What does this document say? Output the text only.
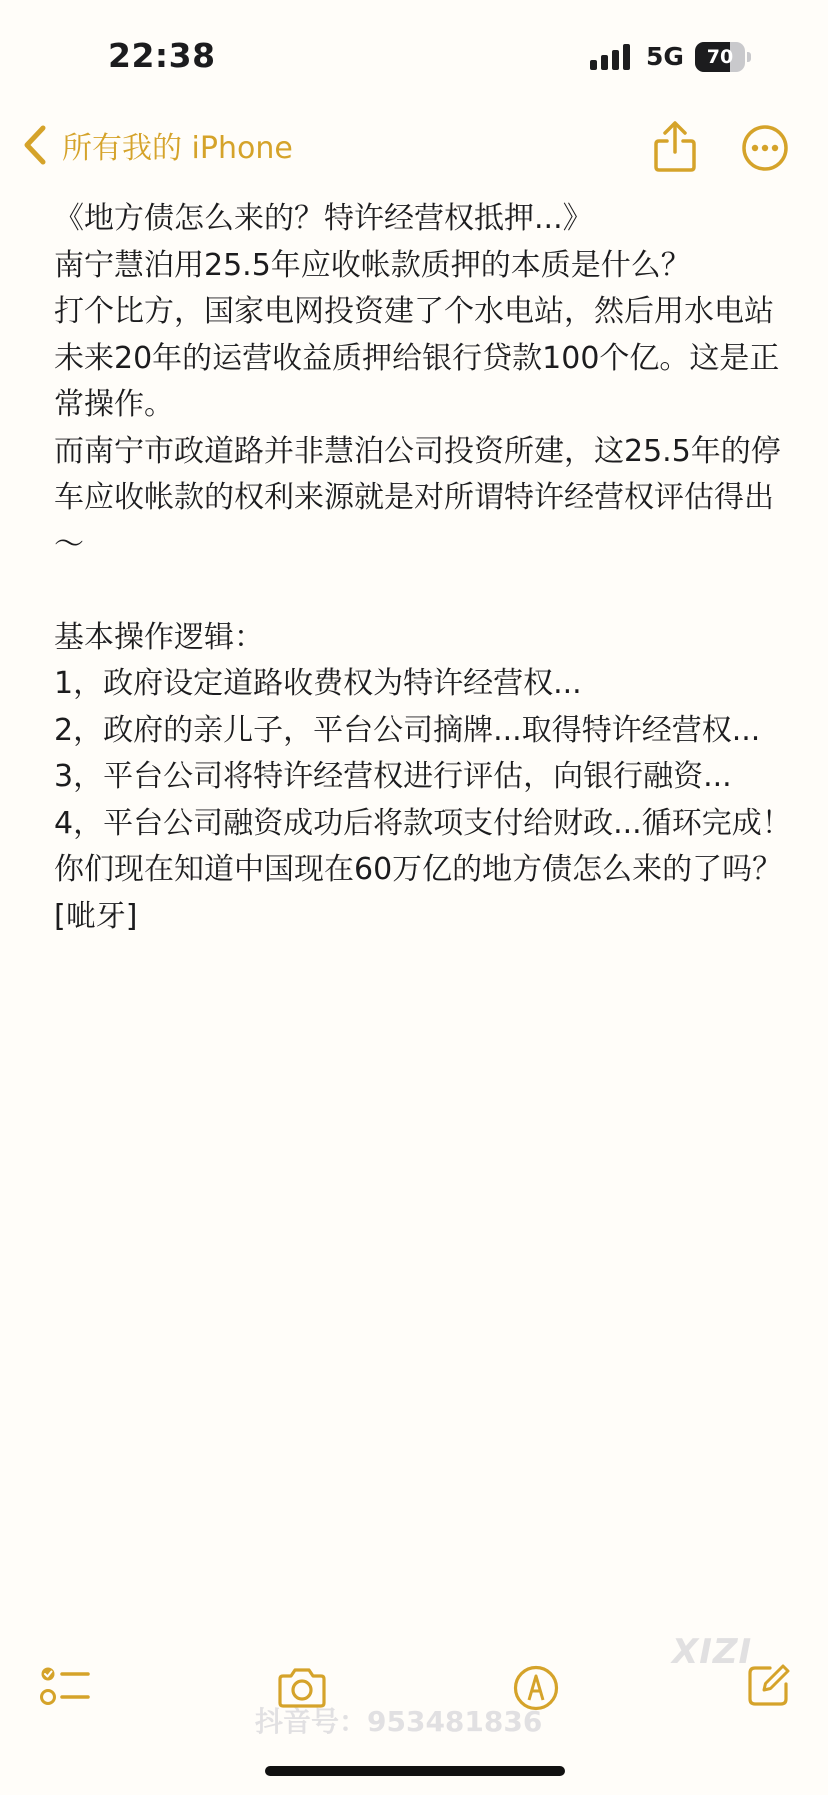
22:38	5G	70
所有我的 iPhone

《地方债怎么来的？特许经营权抵押...》

南宁慧泊用25.5年应收帐款质押的本质是什么？

打个比方，国家电网投资建了个水电站，然后用水电站未来20年的运营收益质押给银行贷款100个亿。这是正常操作。

而南宁市政道路并非慧泊公司投资所建，这25.5年的停车应收帐款的权利来源就是对所谓特许经营权评估得出～

基本操作逻辑：

1，政府设定道路收费权为特许经营权...

2，政府的亲儿子，平台公司摘牌...取得特许经营权...

3，平台公司将特许经营权进行评估，向银行融资...

4，平台公司融资成功后将款项支付给财政...循环完成！

你们现在知道中国现在60万亿的地方债怎么来的了吗？[呲牙]

XIZI
抖音号：953481836
